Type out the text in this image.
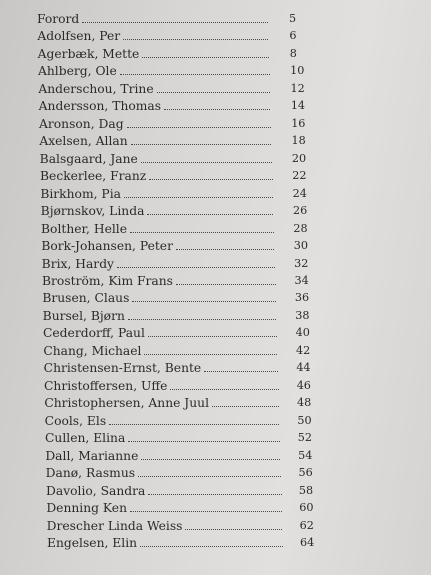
Forord	5
Adolfsen, Per	6
Agerbæk, Mette	8
Ahlberg, Ole	10
Anderschou, Trine	12
Andersson, Thomas	14
Aronson, Dag	16
Axelsen, Allan	18
Balsgaard, Jane	20
Beckerlee, Franz	22
Birkhom, Pia	24
Bjørnskov, Linda	26
Bolther, Helle	28
Bork-Johansen, Peter	30
Brix, Hardy	32
Broström, Kim Frans	34
Brusen, Claus	36
Bursel, Bjørn	38
Cederdorff, Paul	40
Chang, Michael	42
Christensen-Ernst, Bente	44
Christoffersen, Uffe	46
Christophersen, Anne Juul	48
Cools, Els	50
Cullen, Elina	52
Dall, Marianne	54
Danø, Rasmus	56
Davolio, Sandra	58
Denning Ken	60
Drescher Linda Weiss	62
Engelsen, Elin	64
